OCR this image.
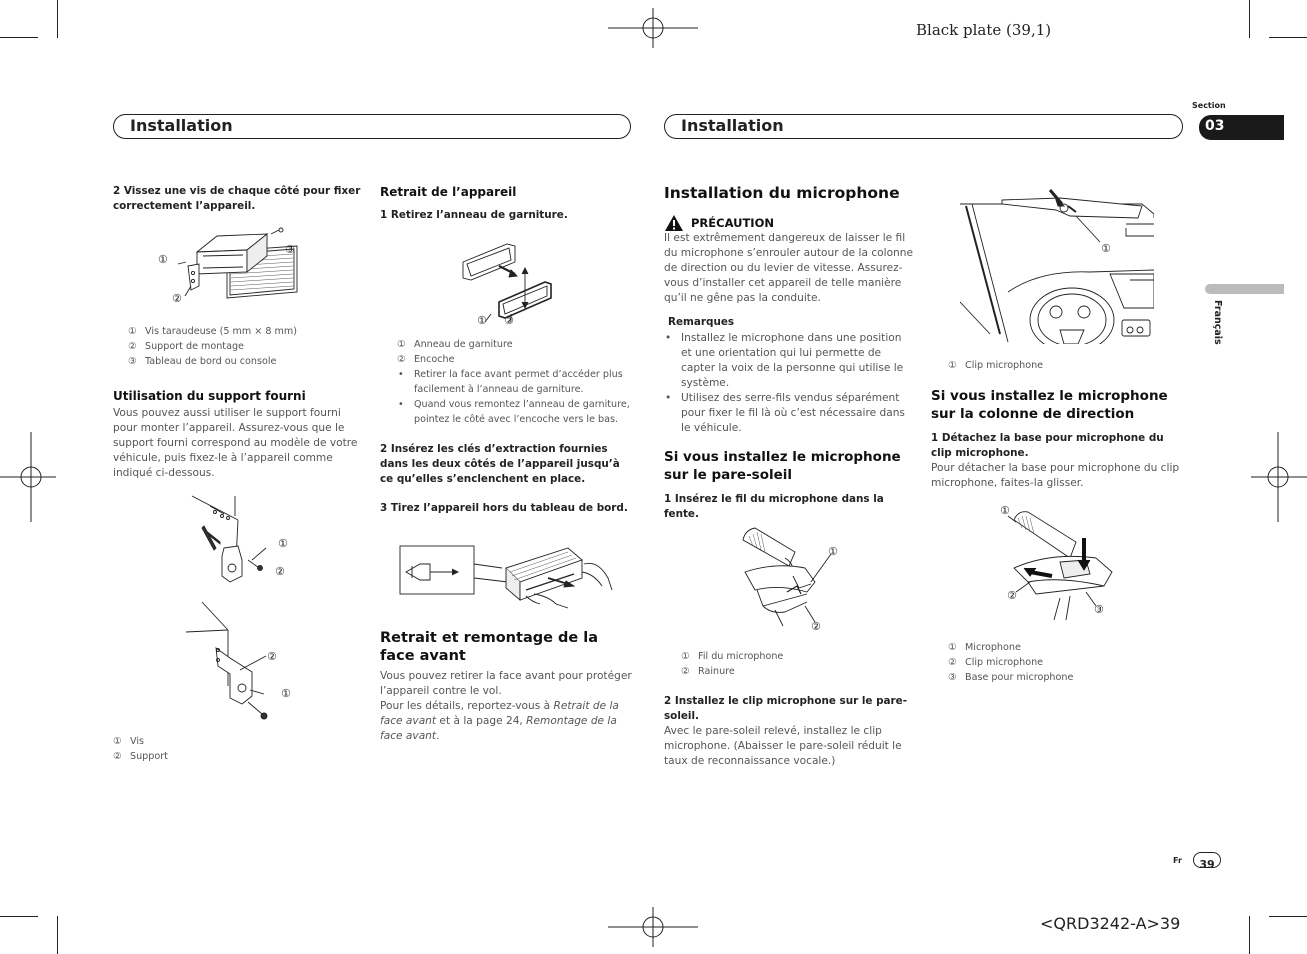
Black plate (39,1)
Section
03
Français
Installation	Installation
2 Vissez une vis de chaque côté pour fixer correctement l’appareil.
①
②
③
① Vis taraudeuse (5 mm × 8 mm)
② Support de montage
③ Tableau de bord ou console
Utilisation du support fourni
Vous pouvez aussi utiliser le support fourni pour monter l’appareil. Assurez-vous que le support fourni correspond au modèle de votre véhicule, puis fixez-le à l’appareil comme indiqué ci-dessous.
①
②
②
①
① Vis
② Support
Retrait de l’appareil
1 Retirez l’anneau de garniture.
① ②
① Anneau de garniture
② Encoche
• Retirer la face avant permet d’accéder plus facilement à l’anneau de garniture.
• Quand vous remontez l’anneau de garniture, pointez le côté avec l’encoche vers le bas.
2 Insérez les clés d’extraction fournies dans les deux côtés de l’appareil jusqu’à ce qu’elles s’enclenchent en place.
3 Tirez l’appareil hors du tableau de bord.
Retrait et remontage de la face avant
Vous pouvez retirer la face avant pour protéger l’appareil contre le vol.
Pour les détails, reportez-vous à Retrait de la face avant et à la page 24, Remontage de la face avant.
Installation du microphone
PRÉCAUTION
Il est extrêmement dangereux de laisser le fil du microphone s’enrouler autour de la colonne de direction ou du levier de vitesse. Assurez-vous d’installer cet appareil de telle manière qu’il ne gêne pas la conduite.
Remarques
• Installez le microphone dans une position et une orientation qui lui permette de capter la voix de la personne qui utilise le système.
• Utilisez des serre-fils vendus séparément pour fixer le fil là où c’est nécessaire dans le véhicule.
Si vous installez le microphone sur le pare-soleil
1 Insérez le fil du microphone dans la fente.
①
②
① Fil du microphone
② Rainure
2 Installez le clip microphone sur le pare-soleil.
Avec le pare-soleil relevé, installez le clip microphone. (Abaisser le pare-soleil réduit le taux de reconnaissance vocale.)
①
① Clip microphone
Si vous installez le microphone sur la colonne de direction
1 Détachez la base pour microphone du clip microphone.
Pour détacher la base pour microphone du clip microphone, faites-la glisser.
①
②
③
① Microphone
② Clip microphone
③ Base pour microphone
Fr	39
<QRD3242-A>39
